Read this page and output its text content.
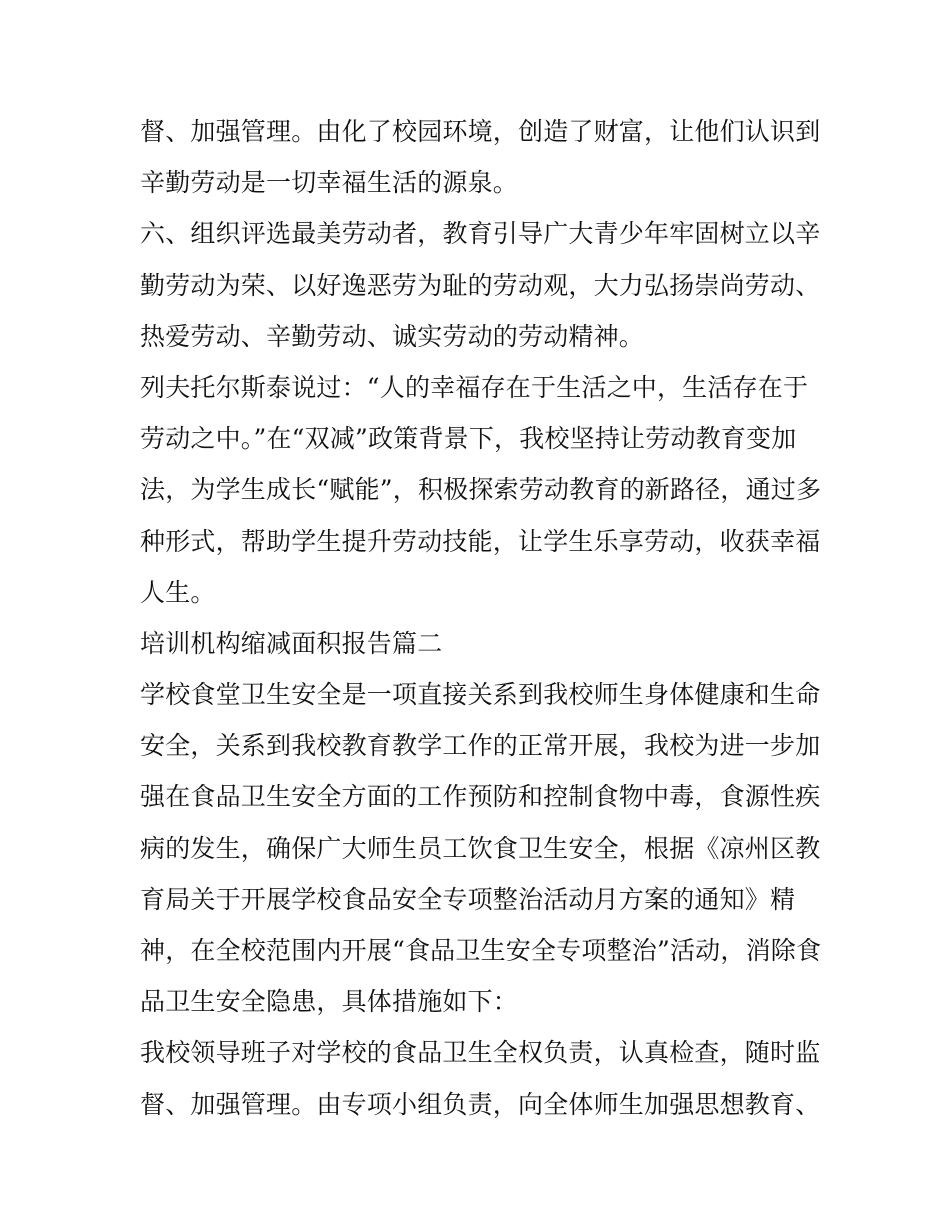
督、加强管理。由化了校园环境，创造了财富，让他们认识到
辛勤劳动是一切幸福生活的源泉。
六、组织评选最美劳动者，教育引导广大青少年牢固树立以辛
勤劳动为荣、以好逸恶劳为耻的劳动观，大力弘扬崇尚劳动、
热爱劳动、辛勤劳动、诚实劳动的劳动精神。
列夫托尔斯泰说过：“人的幸福存在于生活之中，生活存在于
劳动之中。”在“双减”政策背景下，我校坚持让劳动教育变加
法，为学生成长“赋能”，积极探索劳动教育的新路径，通过多
种形式，帮助学生提升劳动技能，让学生乐享劳动，收获幸福
人生。
培训机构缩减面积报告篇二
学校食堂卫生安全是一项直接关系到我校师生身体健康和生命
安全，关系到我校教育教学工作的正常开展，我校为进一步加
强在食品卫生安全方面的工作预防和控制食物中毒，食源性疾
病的发生，确保广大师生员工饮食卫生安全，根据《凉州区教
育局关于开展学校食品安全专项整治活动月方案的通知》精
神，在全校范围内开展“食品卫生安全专项整治”活动，消除食
品卫生安全隐患，具体措施如下：
我校领导班子对学校的食品卫生全权负责，认真检查，随时监
督、加强管理。由专项小组负责，向全体师生加强思想教育、
